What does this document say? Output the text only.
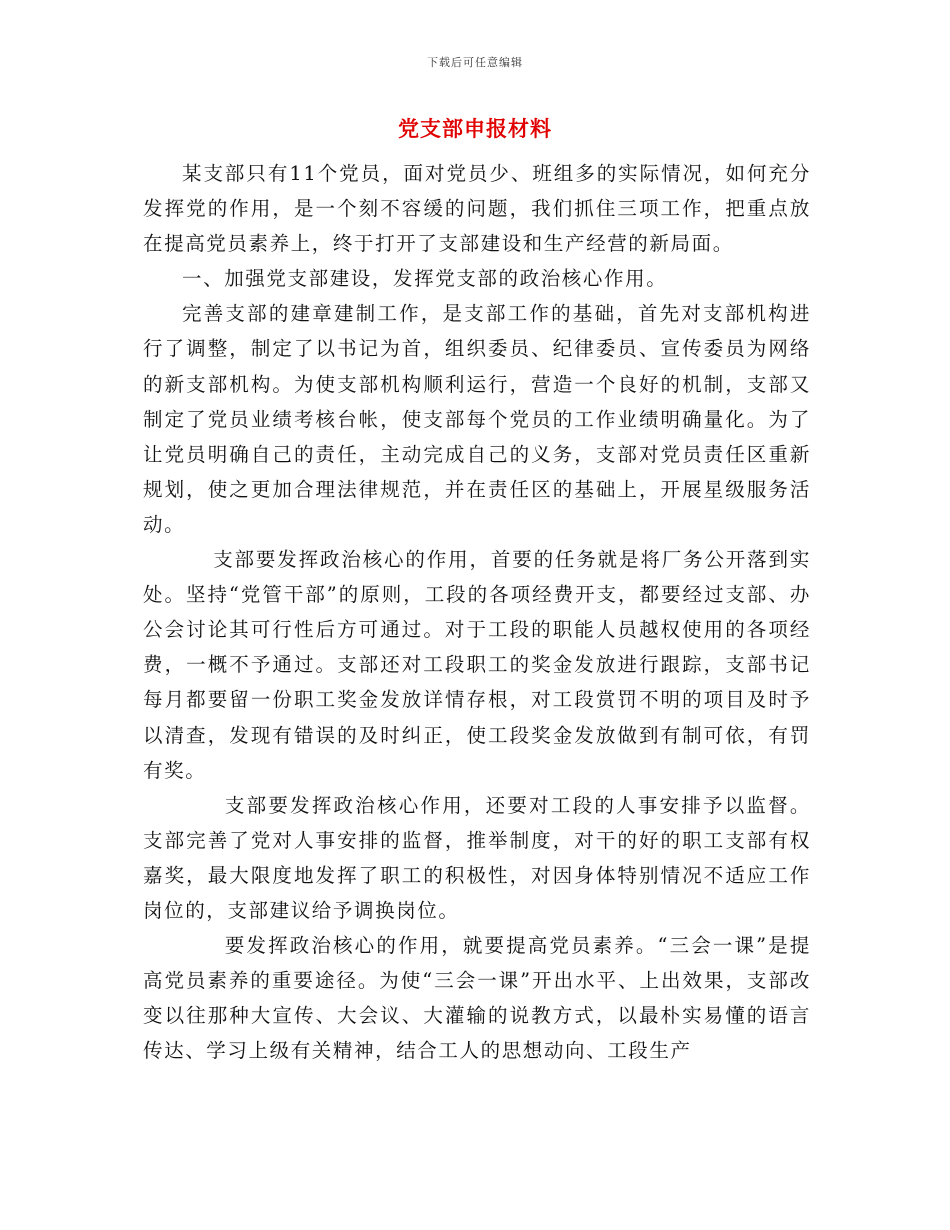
下载后可任意编辑
党支部申报材料

某支部只有11个党员，面对党员少、班组多的实际情况，如何充分发挥党的作用，是一个刻不容缓的问题，我们抓住三项工作，把重点放在提高党员素养上，终于打开了支部建设和生产经营的新局面。

一、加强党支部建设，发挥党支部的政治核心作用。

完善支部的建章建制工作，是支部工作的基础，首先对支部机构进行了调整，制定了以书记为首，组织委员、纪律委员、宣传委员为网络的新支部机构。为使支部机构顺利运行，营造一个良好的机制，支部又制定了党员业绩考核台帐，使支部每个党员的工作业绩明确量化。为了让党员明确自己的责任，主动完成自己的义务，支部对党员责任区重新规划，使之更加合理法律规范，并在责任区的基础上，开展星级服务活动。

支部要发挥政治核心的作用，首要的任务就是将厂务公开落到实处。坚持“党管干部”的原则，工段的各项经费开支，都要经过支部、办公会讨论其可行性后方可通过。对于工段的职能人员越权使用的各项经费，一概不予通过。支部还对工段职工的奖金发放进行跟踪，支部书记每月都要留一份职工奖金发放详情存根，对工段赏罚不明的项目及时予以清查，发现有错误的及时纠正，使工段奖金发放做到有制可依，有罚有奖。

支部要发挥政治核心作用，还要对工段的人事安排予以监督。支部完善了党对人事安排的监督，推举制度，对干的好的职工支部有权嘉奖，最大限度地发挥了职工的积极性，对因身体特别情况不适应工作岗位的，支部建议给予调换岗位。

要发挥政治核心的作用，就要提高党员素养。“三会一课”是提高党员素养的重要途径。为使“三会一课”开出水平、上出效果，支部改变以往那种大宣传、大会议、大灌输的说教方式，以最朴实易懂的语言传达、学习上级有关精神，结合工人的思想动向、工段生产
